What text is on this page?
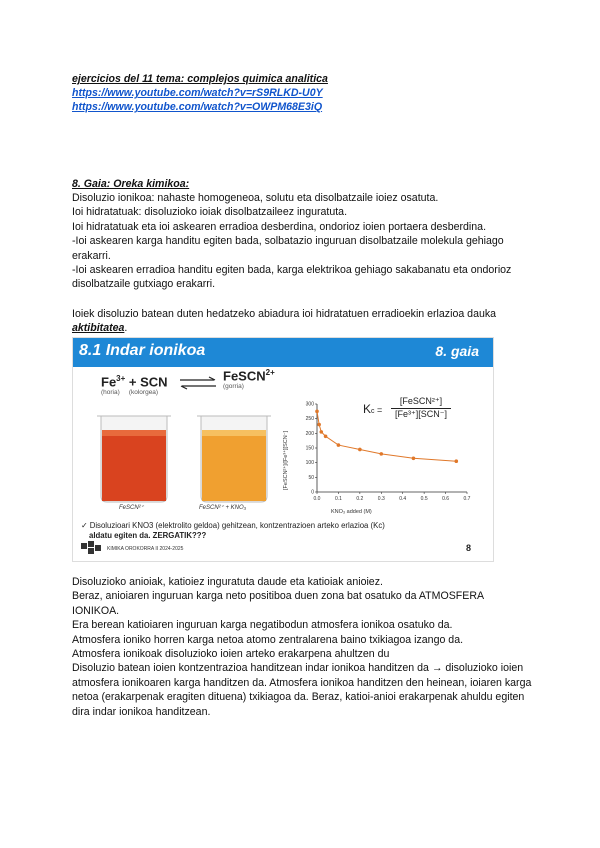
ejercicios del 11 tema: complejos quimica analitica
https://www.youtube.com/watch?v=rS9RLKD-U0Y
https://www.youtube.com/watch?v=OWPM68E3iQ
8. Gaia: Oreka kimikoa:

Disoluzio ionikoa: nahaste homogeneoa, solutu eta disolbatzaile ioiez osatuta.

Ioi hidratatuak: disoluzioko ioiak disolbatzaileez inguratuta.

Ioi hidratatuak eta ioi askearen erradioa desberdina, ondorioz ioien portaera desberdina.

-Ioi askearen karga handitu egiten bada, solbatazio inguruan disolbatzaile molekula gehiago erakarri.

-Ioi askearen erradioa handitu egiten bada, karga elektrikoa gehiago sakabanatu eta ondorioz disolbatzaile gutxiago erakarri.

Ioiek disoluzio batean duten hedatzeko abiadura ioi hidratatuen erradioekin erlazioa dauka aktibitatea.
8.1 Indar ionikoa	8. gaia
$Fe^{3+}$ + SCN
(horia) (kolorgea)
⇌ FeSCN$^{2+}$
(gorria)
FeSCN²⁺	FeSCN²⁺ + KNO₃
Kc =
[FeSCN²⁺]
[Fe³⁺][SCN⁻]
0.0	0.1	0.2	0.3	0.4	0.5	0.6	0.7
0
50
100
150
200
250
300
KNO₃ added (M)
[FeSCN²⁺]/[Fe³⁺][SCN⁻]
✓ Disoluzioari KNO3 (elektrolito geldoa) gehitzean, kontzentrazioen arteko erlazioa (Kc)
aldatu egiten da. ZERGATIK???
KIMIKA OROKORRA II 2024-2025	8

Disoluzioko anioiak, katioiez inguratuta daude eta katioiak anioiez.

Beraz, anioiaren inguruan karga neto positiboa duen zona bat osatuko da ATMOSFERA IONIKOA.

Era berean katioiaren inguruan karga negatibodun atmosfera ionikoa osatuko da.

Atmosfera ioniko horren karga netoa atomo zentralarena baino txikiagoa izango da.

Atmosfera ionikoak disoluzioko ioien arteko erakarpena ahultzen du

Disoluzio batean ioien kontzentrazioa handitzean indar ionikoa handitzen da → disoluzioko ioien atmosfera ionikoaren karga handitzen da. Atmosfera ionikoa handitzen den heinean, ioiaren karga netoa (erakarpenak eragiten dituena) txikiagoa da. Beraz, katioi-anioi erakarpenak ahuldu egiten dira indar ionikoa handitzean.
